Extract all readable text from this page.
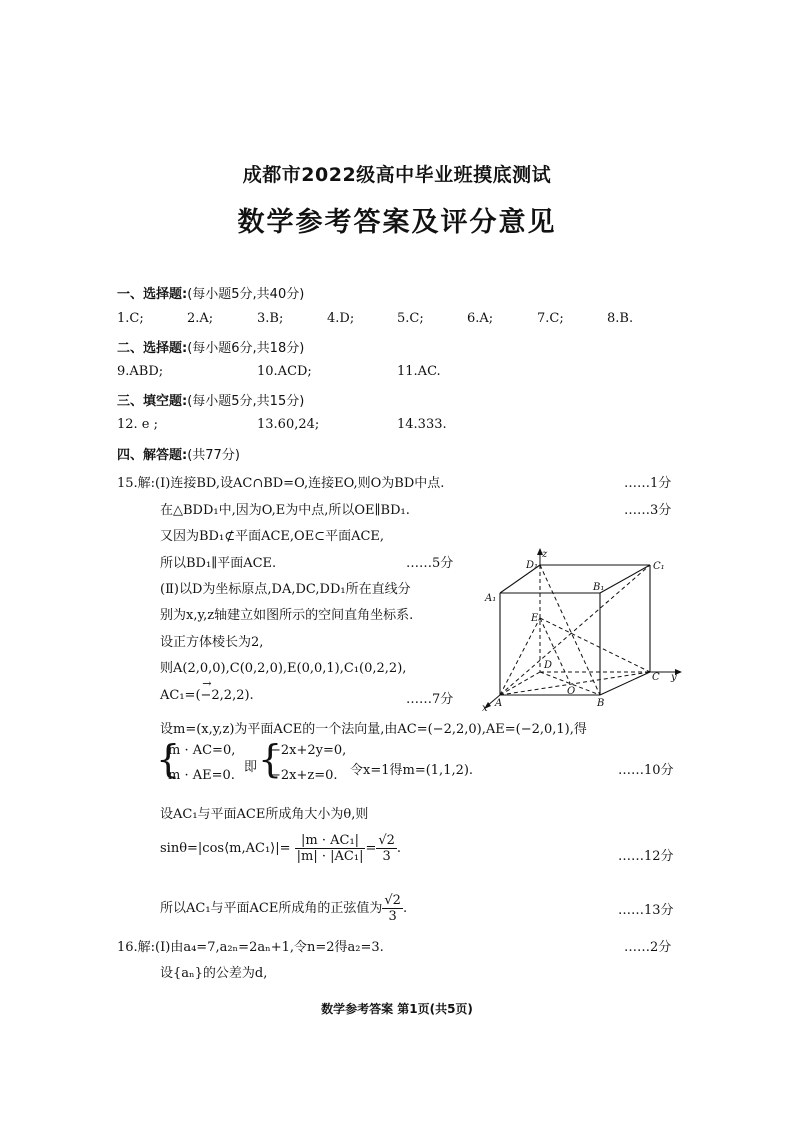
成都市2022级高中毕业班摸底测试
数学参考答案及评分意见
一、选择题:(每小题5分,共40分)
1.C;	2.A;	3.B;	4.D;	5.C;	6.A;	7.C;	8.B.
二、选择题:(每小题6分,共18分)
9.ABD;	10.ACD;	11.AC.
三、填空题:(每小题5分,共15分)
12. e ;	13.60,24;	14.333.
四、解答题:(共77分)
15.解:(Ⅰ)连接BD,设AC∩BD=O,连接EO,则O为BD中点.	……1分
在△BDD₁中,因为O,E为中点,所以OE∥BD₁.	……3分
又因为BD₁⊄平面ACE,OE⊂平面ACE,
所以BD₁∥平面ACE.	……5分
(Ⅱ)以D为坐标原点,DA,DC,DD₁所在直线分
别为x,y,z轴建立如图所示的空间直角坐标系.
设正方体棱长为2,
则A(2,0,0),C(0,2,0),E(0,0,1),C₁(0,2,2),
→ AC₁=(−2,2,2).	……7分
设m=(x,y,z)为平面ACE的一个法向量,由AC=(−2,2,0),AE=(−2,0,1),得
{
m · AC=0,
m · AE=0.
即 {
−2x+2y=0,
−2x+z=0. 令x=1得m=(1,1,2).	……10分
设AC₁与平面ACE所成角大小为θ,则
sinθ=|cos⟨m,AC₁⟩|= $\frac{\text{|m · AC₁|}}{\text{|m| · |AC₁|}} = \frac{√2}{3}$ .
……12分
所以AC₁与平面ACE所成角的正弦值为 $\frac{√2}{3}$ .	……13分
16.解:(Ⅰ)由a₄=7,a₂ₙ=2aₙ+1,令n=2得a₂=3.	……2分
设{aₙ}的公差为d,
D₁	C₁
B₁
A₁
z
E
D
O
C y
A	B
x
数学参考答案 第1页(共5页)
